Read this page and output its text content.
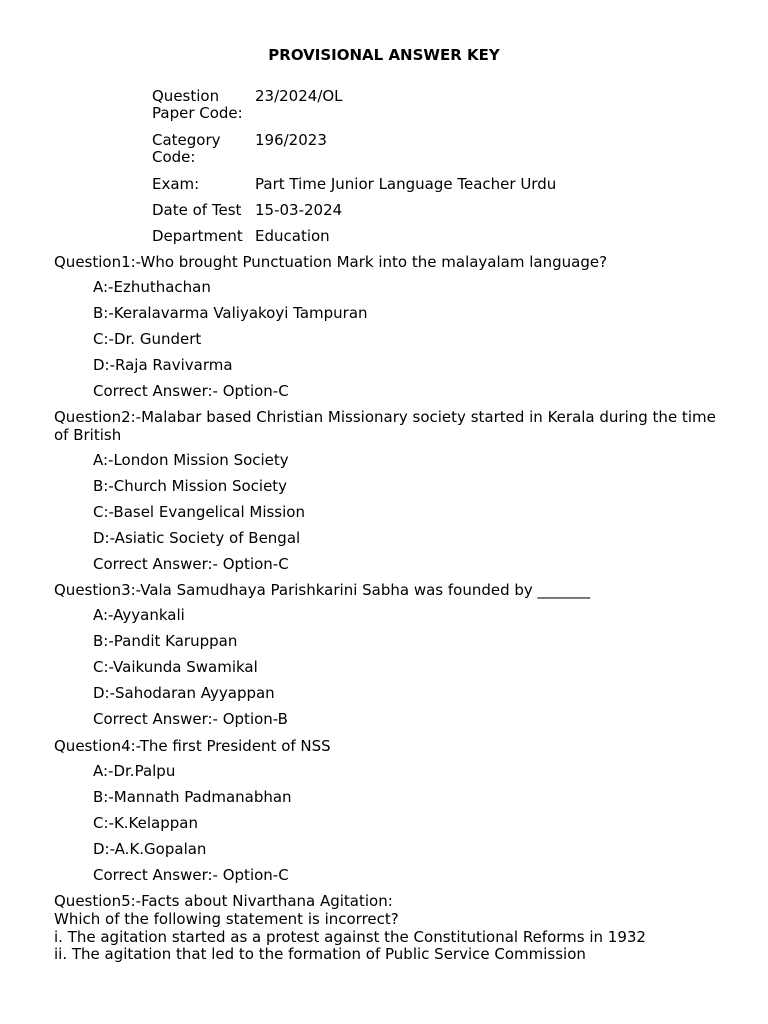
PROVISIONAL ANSWER KEY
Question Paper Code:	23/2024/OL
Category Code:	196/2023
Exam:	Part Time Junior Language Teacher Urdu
Date of Test	15-03-2024
Department	Education
Question1:-Who brought Punctuation Mark into the malayalam language?
A:-Ezhuthachan
B:-Keralavarma Valiyakoyi Tampuran
C:-Dr. Gundert
D:-Raja Ravivarma
Correct Answer:- Option-C
Question2:-Malabar based Christian Missionary society started in Kerala during the time of British
A:-London Mission Society
B:-Church Mission Society
C:-Basel Evangelical Mission
D:-Asiatic Society of Bengal
Correct Answer:- Option-C
Question3:-Vala Samudhaya Parishkarini Sabha was founded by _______
A:-Ayyankali
B:-Pandit Karuppan
C:-Vaikunda Swamikal
D:-Sahodaran Ayyappan
Correct Answer:- Option-B
Question4:-The first President of NSS
A:-Dr.Palpu
B:-Mannath Padmanabhan
C:-K.Kelappan
D:-A.K.Gopalan
Correct Answer:- Option-C
Question5:-Facts about Nivarthana Agitation:
Which of the following statement is incorrect?
i. The agitation started as a protest against the Constitutional Reforms in 1932
ii. The agitation that led to the formation of Public Service Commission
